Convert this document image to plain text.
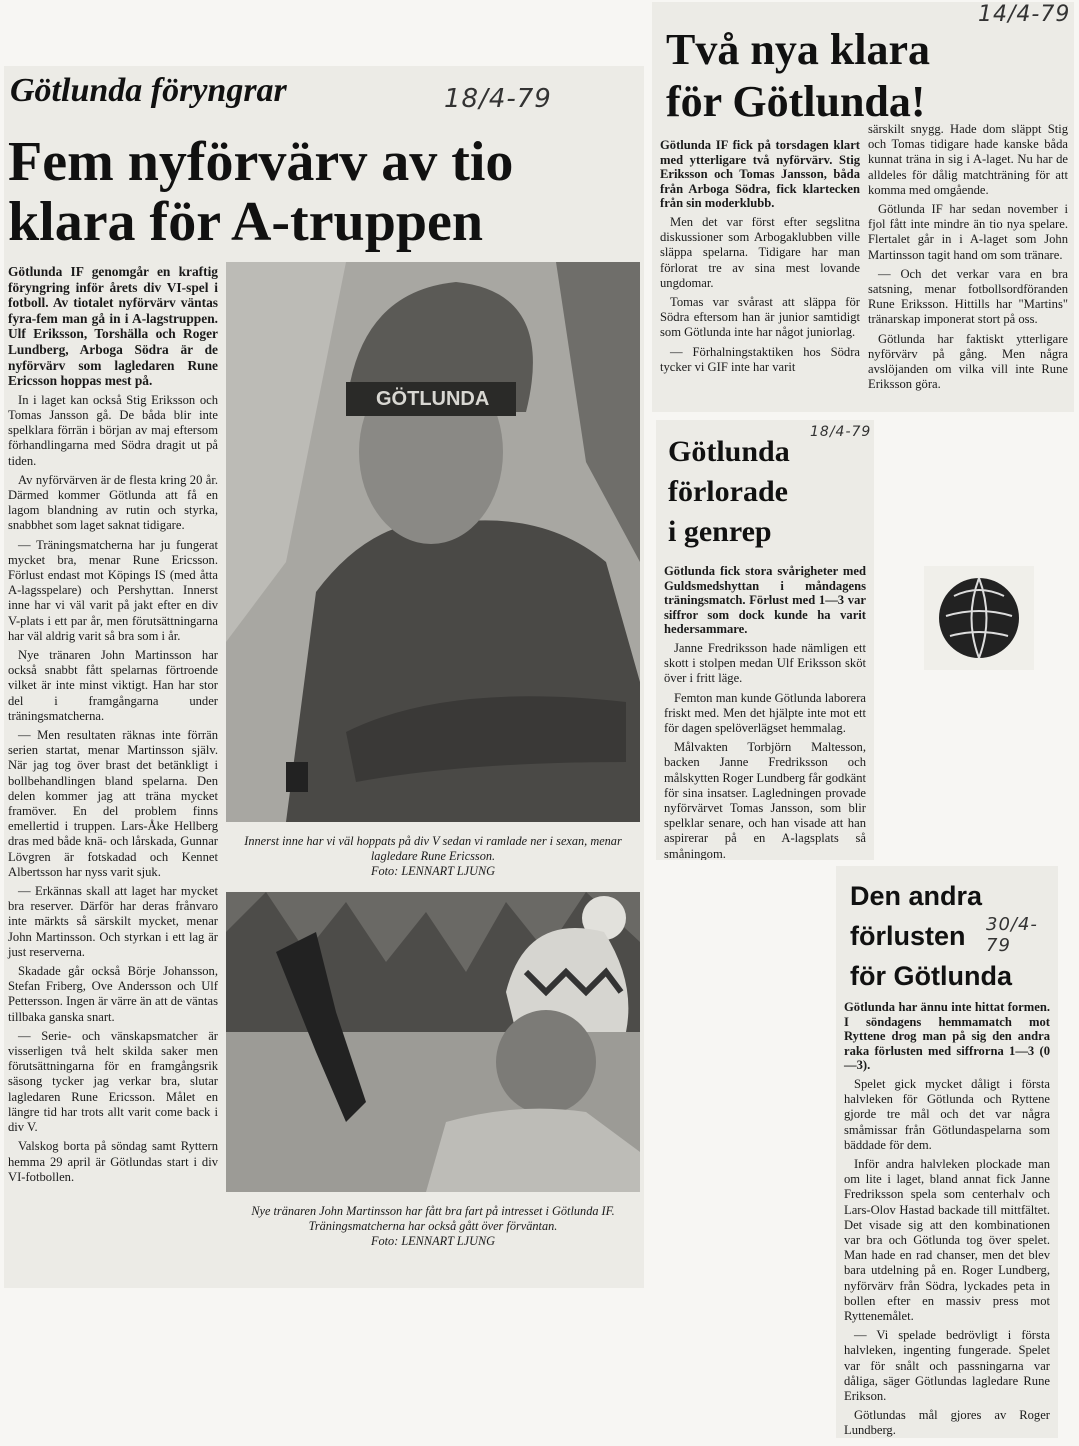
Götlunda föryngrar	18/4-79
Fem nyförvärv av tio
klara för A-truppen

Götlunda IF genomgår en kraftig föryngring inför årets div VI-spel i fotboll. Av tiotalet nyförvärv väntas fyra-fem man gå in i A-lagstruppen. Ulf Eriksson, Torshälla och Roger Lundberg, Arboga Södra är de nyförvärv som lagledaren Rune Ericsson hoppas mest på.

In i laget kan också Stig Eriksson och Tomas Jansson gå. De båda blir inte spelklara förrän i början av maj eftersom förhandlingarna med Södra dragit ut på tiden.

Av nyförvärven är de flesta kring 20 år. Därmed kommer Götlunda att få en lagom blandning av rutin och styrka, snabbhet som laget saknat tidigare.

— Träningsmatcherna har ju fungerat mycket bra, menar Rune Ericsson. Förlust endast mot Köpings IS (med åtta A-lagsspelare) och Pershyttan. Innerst inne har vi väl varit på jakt efter en div V-plats i ett par år, men förutsättningarna har väl aldrig varit så bra som i år.

Nye tränaren John Martinsson har också snabbt fått spelarnas förtroende vilket är inte minst viktigt. Han har stor del i framgångarna under träningsmatcherna.

— Men resultaten räknas inte förrän serien startat, menar Martinsson själv. När jag tog över brast det betänkligt i bollbehandlingen bland spelarna. Den delen kommer jag att träna mycket framöver. En del problem finns emellertid i truppen. Lars-Åke Hellberg dras med både knä- och lårskada, Gunnar Lövgren är fotskadad och Kennet Albertsson har nyss varit sjuk.

— Erkännas skall att laget har mycket bra reserver. Därför har deras frånvaro inte märkts så särskilt mycket, menar John Martinsson. Och styrkan i ett lag är just reserverna.

Skadade går också Börje Johansson, Stefan Friberg, Ove Andersson och Ulf Pettersson. Ingen är värre än att de väntas tillbaka ganska snart.

— Serie- och vänskapsmatcher är visserligen två helt skilda saker men förutsättningarna för en framgångsrik säsong tycker jag verkar bra, slutar lagledaren Rune Ericsson. Målet en längre tid har trots allt varit come back i div V.

Valskog borta på söndag samt Ryttern hemma 29 april är Götlundas start i div VI-fotbollen.

GÖTLUNDA

Innerst inne har vi väl hoppats på div V sedan vi ramlade ner i sexan, menar lagledare Rune Ericsson.

Foto: LENNART LJUNG

Nye tränaren John Martinsson har fått bra fart på intresset i Götlunda IF. Träningsmatcherna har också gått över förväntan.

Foto: LENNART LJUNG

14/4-79
Två nya klara
för Götlunda!

Götlunda IF fick på torsdagen klart med ytterligare två nyförvärv. Stig Eriksson och Tomas Jansson, båda från Arboga Södra, fick klartecken från sin moderklubb.

Men det var först efter segslitna diskussioner som Arbogaklubben ville släppa spelarna. Tidigare har man förlorat tre av sina mest lovande ungdomar.

Tomas var svårast att släppa för Södra eftersom han är junior samtidigt som Götlunda inte har något juniorlag.

— Förhalningstaktiken hos Södra tycker vi GIF inte har varit

särskilt snygg. Hade dom släppt Stig och Tomas tidigare hade kanske båda kunnat träna in sig i A-laget. Nu har de alldeles för dålig matchträning för att komma med omgående.

Götlunda IF har sedan november i fjol fått inte mindre än tio nya spelare. Flertalet går in i A-laget som John Martinsson tagit hand om som tränare.

— Och det verkar vara en bra satsning, menar fotbollsordföranden Rune Eriksson. Hittills har "Martins" tränarskap imponerat stort på oss.

Götlunda har faktiskt ytterligare nyförvärv på gång. Men några avslöjanden om vilka vill inte Rune Eriksson göra.

18/4-79
Götlunda
förlorade
i genrep

Götlunda fick stora svårigheter med Guldsmedshyttan i måndagens träningsmatch. Förlust med 1—3 var siffror som dock kunde ha varit hedersammare.

Janne Fredriksson hade nämligen ett skott i stolpen medan Ulf Eriksson sköt över i fritt läge.

Femton man kunde Götlunda laborera friskt med. Men det hjälpte inte mot ett för dagen spelöverlägset hemmalag.

Målvakten Torbjörn Maltesson, backen Janne Fredriksson och målskytten Roger Lundberg får godkänt för sina insatser. Lagledningen provade nyförvärvet Tomas Jansson, som blir spelklar senare, och han visade att han aspirerar på en A-lagsplats så småningom.

30/4-79
Den andra
förlusten
för Götlunda

Götlunda har ännu inte hittat formen. I söndagens hemmamatch mot Ryttene drog man på sig den andra raka förlusten med siffrorna 1—3 (0—3).

Spelet gick mycket dåligt i första halvleken för Götlunda och Ryttene gjorde tre mål och det var några småmissar från Götlundaspelarna som bäddade för dem.

Inför andra halvleken plockade man om lite i laget, bland annat fick Janne Fredriksson spela som centerhalv och Lars-Olov Hastad backade till mittfältet. Det visade sig att den kombinationen var bra och Götlunda tog över spelet. Man hade en rad chanser, men det blev bara utdelning på en. Roger Lundberg, nyförvärv från Södra, lyckades peta in bollen efter en massiv press mot Ryttenemålet.

— Vi spelade bedrövligt i första halvleken, ingenting fungerade. Spelet var för snålt och passningarna var dåliga, säger Götlundas lagledare Rune Erikson.

Götlundas mål gjores av Roger Lundberg.
